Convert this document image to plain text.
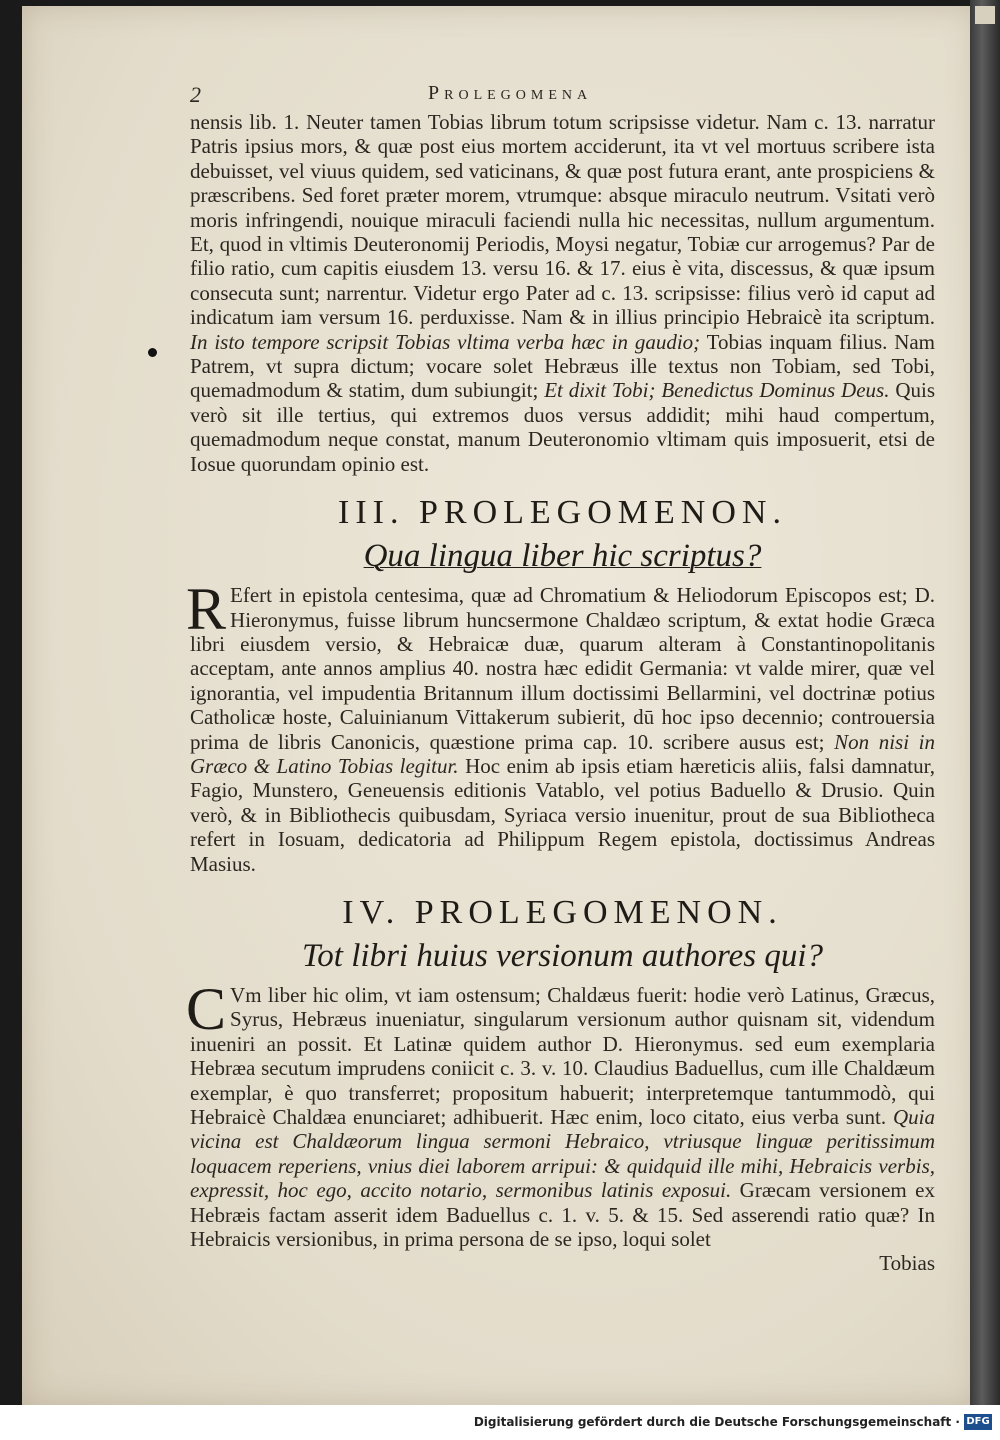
2	Prolegomena

nensis lib. 1. Neuter tamen Tobias librum totum scripsisse videtur. Nam c. 13. narratur Patris ipsius mors, & quæ post eius mortem acciderunt, ita vt vel mortuus scribere ista debuisset, vel viuus quidem, sed vaticinans, & quæ post futura erant, ante prospiciens & præscribens. Sed foret præter morem, vtrumque: absque miraculo neutrum. Vsitati verò moris infringendi, nouique miraculi faciendi nulla hic necessitas, nullum argumentum. Et, quod in vltimis Deuteronomij Periodis, Moysi negatur, Tobiæ cur arrogemus? Par de filio ratio, cum capitis eiusdem 13. versu 16. & 17. eius è vita, discessus, & quæ ipsum consecuta sunt; narrentur. Videtur ergo Pater ad c. 13. scripsisse: filius verò id caput ad indicatum iam versum 16. perduxisse. Nam & in illius principio Hebraicè ita scriptum. In isto tempore scripsit Tobias vltima verba hæc in gaudio; Tobias inquam filius. Nam Patrem, vt supra dictum; vocare solet Hebræus ille textus non Tobiam, sed Tobi, quemadmodum & statim, dum subiungit; Et dixit Tobi; Benedictus Dominus Deus. Quis verò sit ille tertius, qui extremos duos versus addidit; mihi haud compertum, quemadmodum neque constat, manum Deuteronomio vltimam quis imposuerit, etsi de Iosue quorundam opinio est.

III. PROLEGOMENON.
Qua lingua liber hic scriptus?

R Efert in epistola centesima, quæ ad Chromatium & Heliodorum Episcopos est; D. Hieronymus, fuisse librum huncsermone Chaldæo scriptum, & extat hodie Græca libri eiusdem versio, & Hebraicæ duæ, quarum alteram à Constantinopolitanis acceptam, ante annos amplius 40. nostra hæc edidit Germania: vt valde mirer, quæ vel ignorantia, vel impudentia Britannum illum doctissimi Bellarmini, vel doctrinæ potius Catholicæ hoste, Caluinianum Vittakerum subierit, dū hoc ipso decennio; controuersia prima de libris Canonicis, quæstione prima cap. 10. scribere ausus est; Non nisi in Græco & Latino Tobias legitur. Hoc enim ab ipsis etiam hæreticis aliis, falsi damnatur, Fagio, Munstero, Geneuensis editionis Vatablo, vel potius Baduello & Drusio. Quin verò, & in Bibliothecis quibusdam, Syriaca versio inuenitur, prout de sua Bibliotheca refert in Iosuam, dedicatoria ad Philippum Regem epistola, doctissimus Andreas Masius.

IV. PROLEGOMENON.
Tot libri huius versionum authores qui?

C Vm liber hic olim, vt iam ostensum; Chaldæus fuerit: hodie verò Latinus, Græcus, Syrus, Hebræus inueniatur, singularum versionum author quisnam sit, videndum inueniri an possit. Et Latinæ quidem author D. Hieronymus. sed eum exemplaria Hebræa secutum imprudens coniicit c. 3. v. 10. Claudius Baduellus, cum ille Chaldæum exemplar, è quo transferret; propositum habuerit; interpretemque tantummodò, qui Hebraicè Chaldæa enunciaret; adhibuerit. Hæc enim, loco citato, eius verba sunt. Quia vicina est Chaldæorum lingua sermoni Hebraico, vtriusque linguæ peritissimum loquacem reperiens, vnius diei laborem arripui: & quidquid ille mihi, Hebraicis verbis, expressit, hoc ego, accito notario, sermonibus latinis exposui. Græcam versionem ex Hebræis factam asserit idem Baduellus c. 1. v. 5. & 15. Sed asserendi ratio quæ? In Hebraicis versionibus, in prima persona de se ipso, loqui solet

Tobias

Digitalisierung gefördert durch die Deutsche Forschungsgemeinschaft · DFG
